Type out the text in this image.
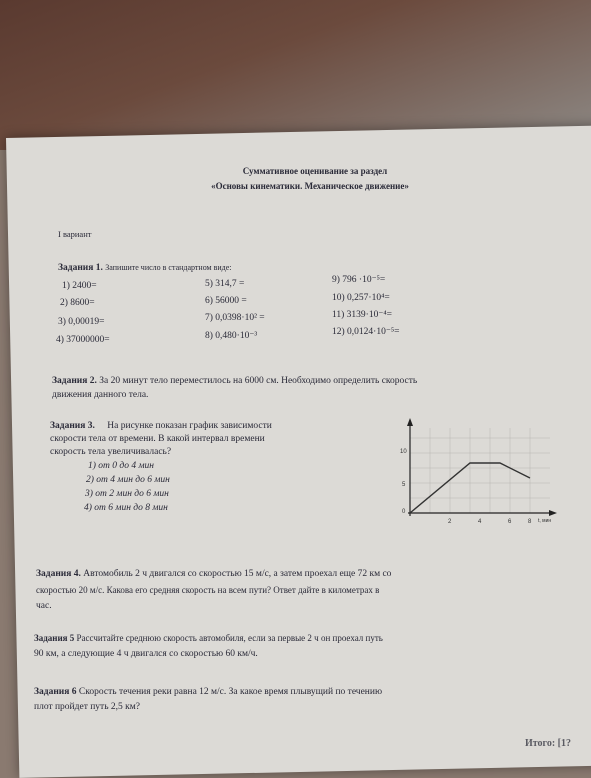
Суммативное оценивание за раздел
«Основы кинематики. Механическое движение»
I вариант
Задания 1. Запишите число в стандартном виде:
1) 2400=
2) 8600=
3) 0,00019=
4) 37000000=
5) 314,7 =
6) 56000 =
7) 0,0398·10² =
8) 0,480·10⁻³
9) 796 ·10⁻⁵=
10) 0,257·10⁴=
11) 3139·10⁻⁴=
12) 0,0124·10⁻⁵=
Задания 2. За 20 минут тело переместилось на 6000 см. Необходимо определить скорость
движения данного тела.
Задания 3. На рисунке показан график зависимости
скорости тела от времени. В какой интервал времени
скорость тела увеличивалась?
1) от 0 до 4 мин
2) от 4 мин до 6 мин
3) от 2 мин до 6 мин
4) от 6 мин до 8 мин
10
5
0
2	4	6	8 t, мин
Задания 4. Автомобиль 2 ч двигался со скоростью 15 м/с, а затем проехал еще 72 км со
скоростью 20 м/с. Какова его средняя скорость на всем пути? Ответ дайте в километрах в
час.
Задания 5 Рассчитайте среднюю скорость автомобиля, если за первые 2 ч он проехал путь
90 км, а следующие 4 ч двигался со скоростью 60 км/ч.
Задания 6 Скорость течения реки равна 12 м/с. За какое время плывущий по течению
плот пройдет путь 2,5 км?
Итого: [1?
